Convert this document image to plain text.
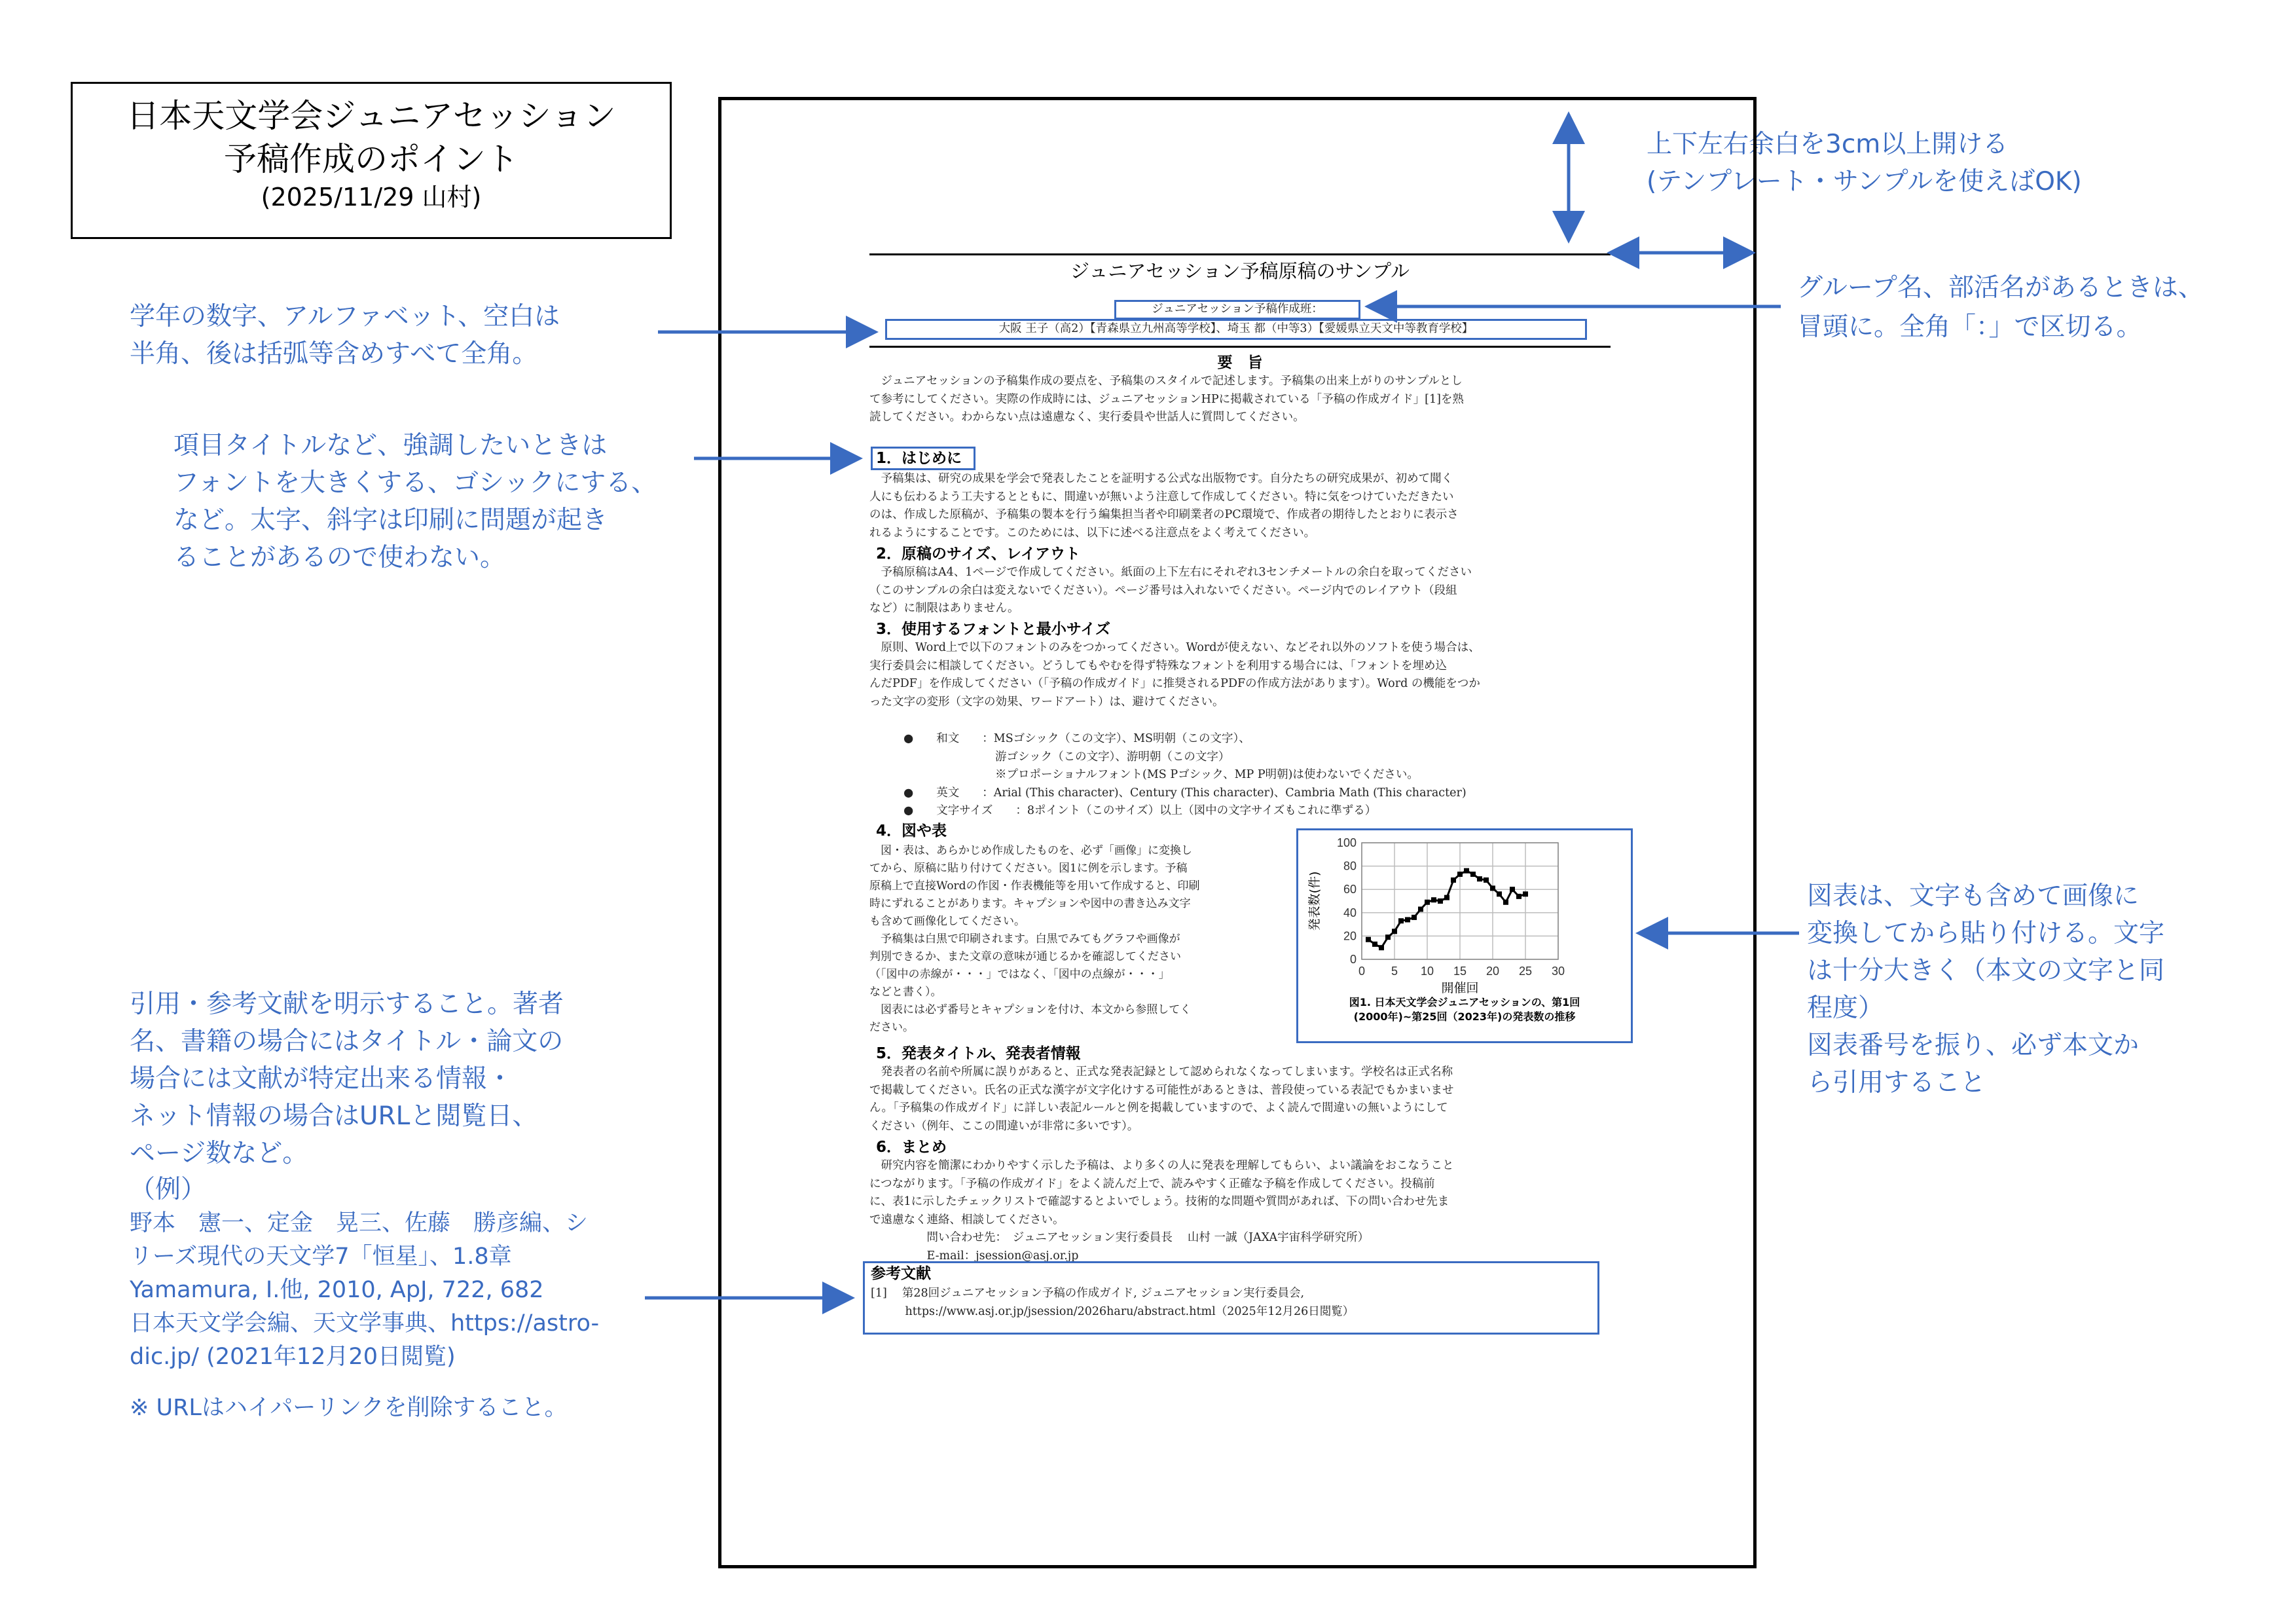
日本天文学会ジュニアセッション
予稿作成のポイント
(2025/11/29 山村)
上下左右余白を3cm以上開ける
(テンプレート・サンプルを使えばOK)
グループ名、部活名があるときは、
冒頭に。全角「：」で区切る。
学年の数字、アルファベット、空白は
半角、後は括弧等含めすべて全角。
項目タイトルなど、強調したいときは
フォントを大きくする、ゴシックにする、
など。太字、斜字は印刷に問題が起き
ることがあるので使わない。
図表は、文字も含めて画像に
変換してから貼り付ける。文字
は十分大きく（本文の文字と同
程度）
図表番号を振り、必ず本文か
ら引用すること
引用・参考文献を明示すること。著者
名、書籍の場合にはタイトル・論文の
場合には文献が特定出来る情報・
ネット情報の場合はURLと閲覧日、
ページ数など。
（例）
野本　憲一、定金　晃三、佐藤　勝彦編、シ
リーズ現代の天文学7「恒星」、1.8章
Yamamura, I.他, 2010, ApJ, 722, 682
日本天文学会編、天文学事典、https://astro-
dic.jp/ (2021年12月20日閲覧)
※ URLはハイパーリンクを削除すること。
ジュニアセッション予稿原稿のサンプル
ジュニアセッション予稿作成班：
大阪 王子（高2）【青森県立九州高等学校】、埼玉 都（中等3）【愛媛県立天文中等教育学校】
要　旨
　ジュニアセッションの予稿集作成の要点を、予稿集のスタイルで記述します。予稿集の出来上がりのサンプルとし
て参考にしてください。実際の作成時には、ジュニアセッションHPに掲載されている「予稿の作成ガイド」[1]を熟
読してください。わからない点は遠慮なく、実行委員や世話人に質問してください。
1．はじめに
　予稿集は、研究の成果を学会で発表したことを証明する公式な出版物です。自分たちの研究成果が、初めて聞く
人にも伝わるよう工夫するとともに、間違いが無いよう注意して作成してください。特に気をつけていただきたい
のは、作成した原稿が、予稿集の製本を行う編集担当者や印刷業者のPC環境で、作成者の期待したとおりに表示さ
れるようにすることです。このためには、以下に述べる注意点をよく考えてください。
2．原稿のサイズ、レイアウト
　予稿原稿はA4、1ページで作成してください。紙面の上下左右にそれぞれ3センチメートルの余白を取ってください
（このサンプルの余白は変えないでください）。ページ番号は入れないでください。ページ内でのレイアウト（段組
など）に制限はありません。
3．使用するフォントと最小サイズ
　原則、Word上で以下のフォントのみをつかってください。Wordが使えない、などそれ以外のソフトを使う場合は、
実行委員会に相談してください。どうしてもやむを得ず特殊なフォントを利用する場合には、「フォントを埋め込
んだPDF」を作成してください（「予稿の作成ガイド」に推奨されるPDFの作成方法があります）。Word の機能をつか
った文字の変形（文字の効果、ワードアート）は、避けてください。
●　　和文　　：MSゴシック（この文字）、MS明朝（この文字）、
　　　　　　　　游ゴシック（この文字）、游明朝（この文字）
　　　　　　　　※プロポーショナルフォント(MS Pゴシック、MP P明朝)は使わないでください。
●　　英文　　：Arial (This character)、Century (This character)、Cambria Math (This character)
●　　文字サイズ　　：8ポイント（このサイズ）以上（図中の文字サイズもこれに準ずる）
4．図や表
　図・表は、あらかじめ作成したものを、必ず「画像」に変換し
てから、原稿に貼り付けてください。図1に例を示します。予稿
原稿上で直接Wordの作図・作表機能等を用いて作成すると、印刷
時にずれることがあります。キャプションや図中の書き込み文字
も含めて画像化してください。
　予稿集は白黒で印刷されます。白黒でみてもグラフや画像が
判別できるか、また文章の意味が通じるかを確認してください
（「図中の赤線が・・・」ではなく、「図中の点線が・・・」
などと書く）。
　図表には必ず番号とキャプションを付け、本文から参照してく
ださい。
0
20
40
60
80
100
0 5 10 15 20 25 30
開催回
発表数(件)
図1. 日本天文学会ジュニアセッションの、第1回
(2000年)~第25回（2023年)の発表数の推移
5．発表タイトル、発表者情報
　発表者の名前や所属に誤りがあると、正式な発表記録として認められなくなってしまいます。学校名は正式名称
で掲載してください。氏名の正式な漢字が文字化けする可能性があるときは、普段使っている表記でもかまいませ
ん。「予稿集の作成ガイド」に詳しい表記ルールと例を掲載していますので、よく読んで間違いの無いようにして
ください（例年、ここの間違いが非常に多いです）。
6．まとめ
　研究内容を簡潔にわかりやすく示した予稿は、より多くの人に発表を理解してもらい、よい議論をおこなうこと
につながります。「予稿の作成ガイド」をよく読んだ上で、読みやすく正確な予稿を作成してください。投稿前
に、表1に示したチェックリストで確認するとよいでしょう。技術的な問題や質問があれば、下の問い合わせ先ま
で遠慮なく連絡、相談してください。
　　　　　問い合わせ先：　ジュニアセッション実行委員長　 山村 一誠（JAXA宇宙科学研究所）
　　　　　E-mail：jsession@asj.or.jp
参考文献
[1]　 第28回ジュニアセッション予稿の作成ガイド, ジュニアセッション実行委員会,
　　　https://www.asj.or.jp/jsession/2026haru/abstract.html（2025年12月26日閲覧）
